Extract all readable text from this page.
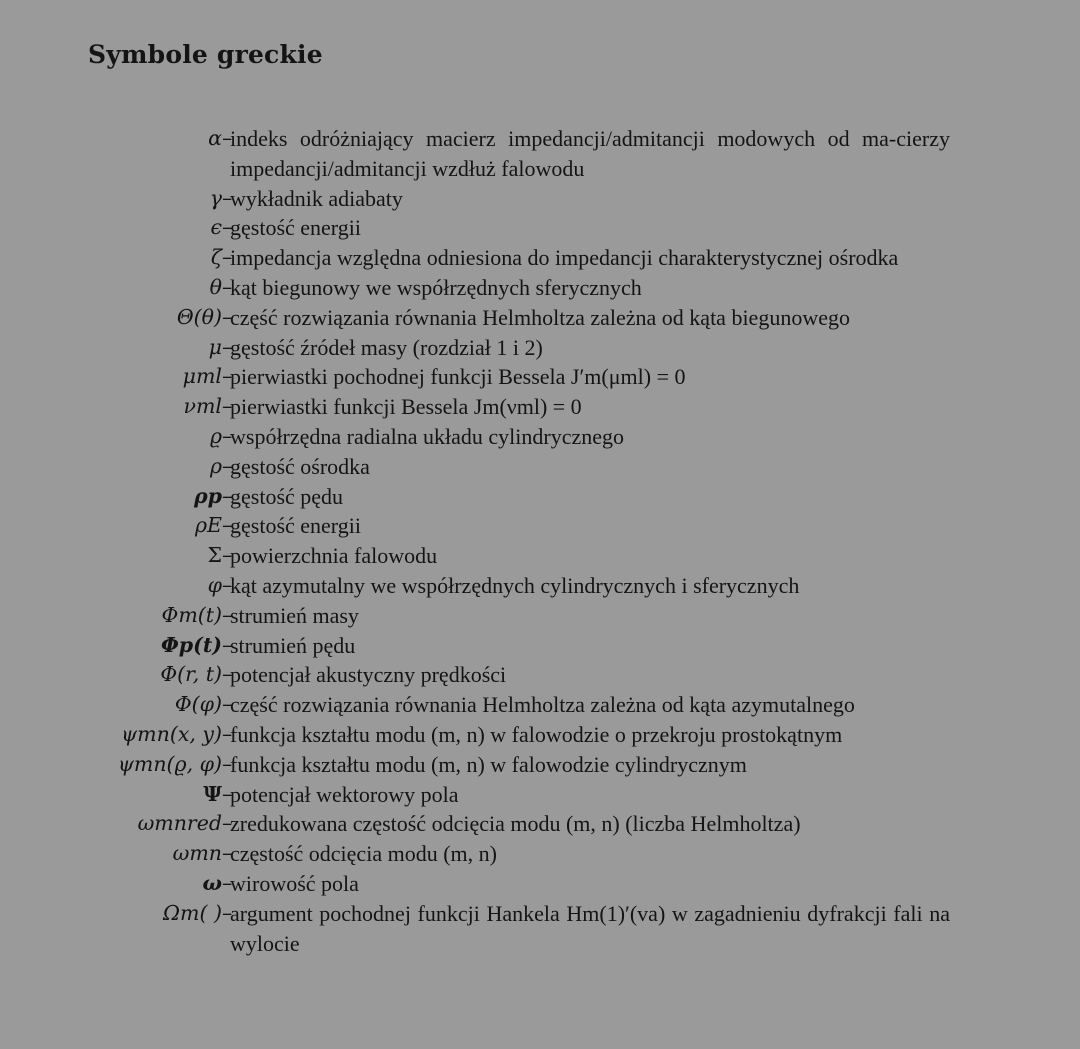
Symbole greckie
α –
indeks odróżniający macierz impedancji/admitancji modowych od ma-cierzy impedancji/admitancji wzdłuż falowodu
γ –
wykładnik adiabaty
ϵ –
gęstość energii
ζ –
impedancja względna odniesiona do impedancji charakterystycznej ośrodka
θ –
kąt biegunowy we współrzędnych sferycznych
Θ(θ) –
część rozwiązania równania Helmholtza zależna od kąta biegunowego
μ –
gęstość źródeł masy (rozdział 1 i 2)
μml –
pierwiastki pochodnej funkcji Bessela J′m(μml) = 0
νml –
pierwiastki funkcji Bessela Jm(νml) = 0
ϱ –
współrzędna radialna układu cylindrycznego
ρ –
gęstość ośrodka
ρp –
gęstość pędu
ρE –
gęstość energii
Σ –
powierzchnia falowodu
φ –
kąt azymutalny we współrzędnych cylindrycznych i sferycznych
Φm(t) –
strumień masy
Φp(t) –
strumień pędu
Φ(r, t) –
potencjał akustyczny prędkości
Φ(φ) –
część rozwiązania równania Helmholtza zależna od kąta azymutalnego
ψmn(x, y) –
funkcja kształtu modu (m, n) w falowodzie o przekroju prostokątnym
ψmn(ϱ, φ) –
funkcja kształtu modu (m, n) w falowodzie cylindrycznym
Ψ –
potencjał wektorowy pola
ωmnred –
zredukowana częstość odcięcia modu (m, n) (liczba Helmholtza)
ωmn –
częstość odcięcia modu (m, n)
ω –
wirowość pola
Ωm( ) –
argument pochodnej funkcji Hankela Hm(1)′(va) w zagadnieniu dyfrakcji fali na wylocie
